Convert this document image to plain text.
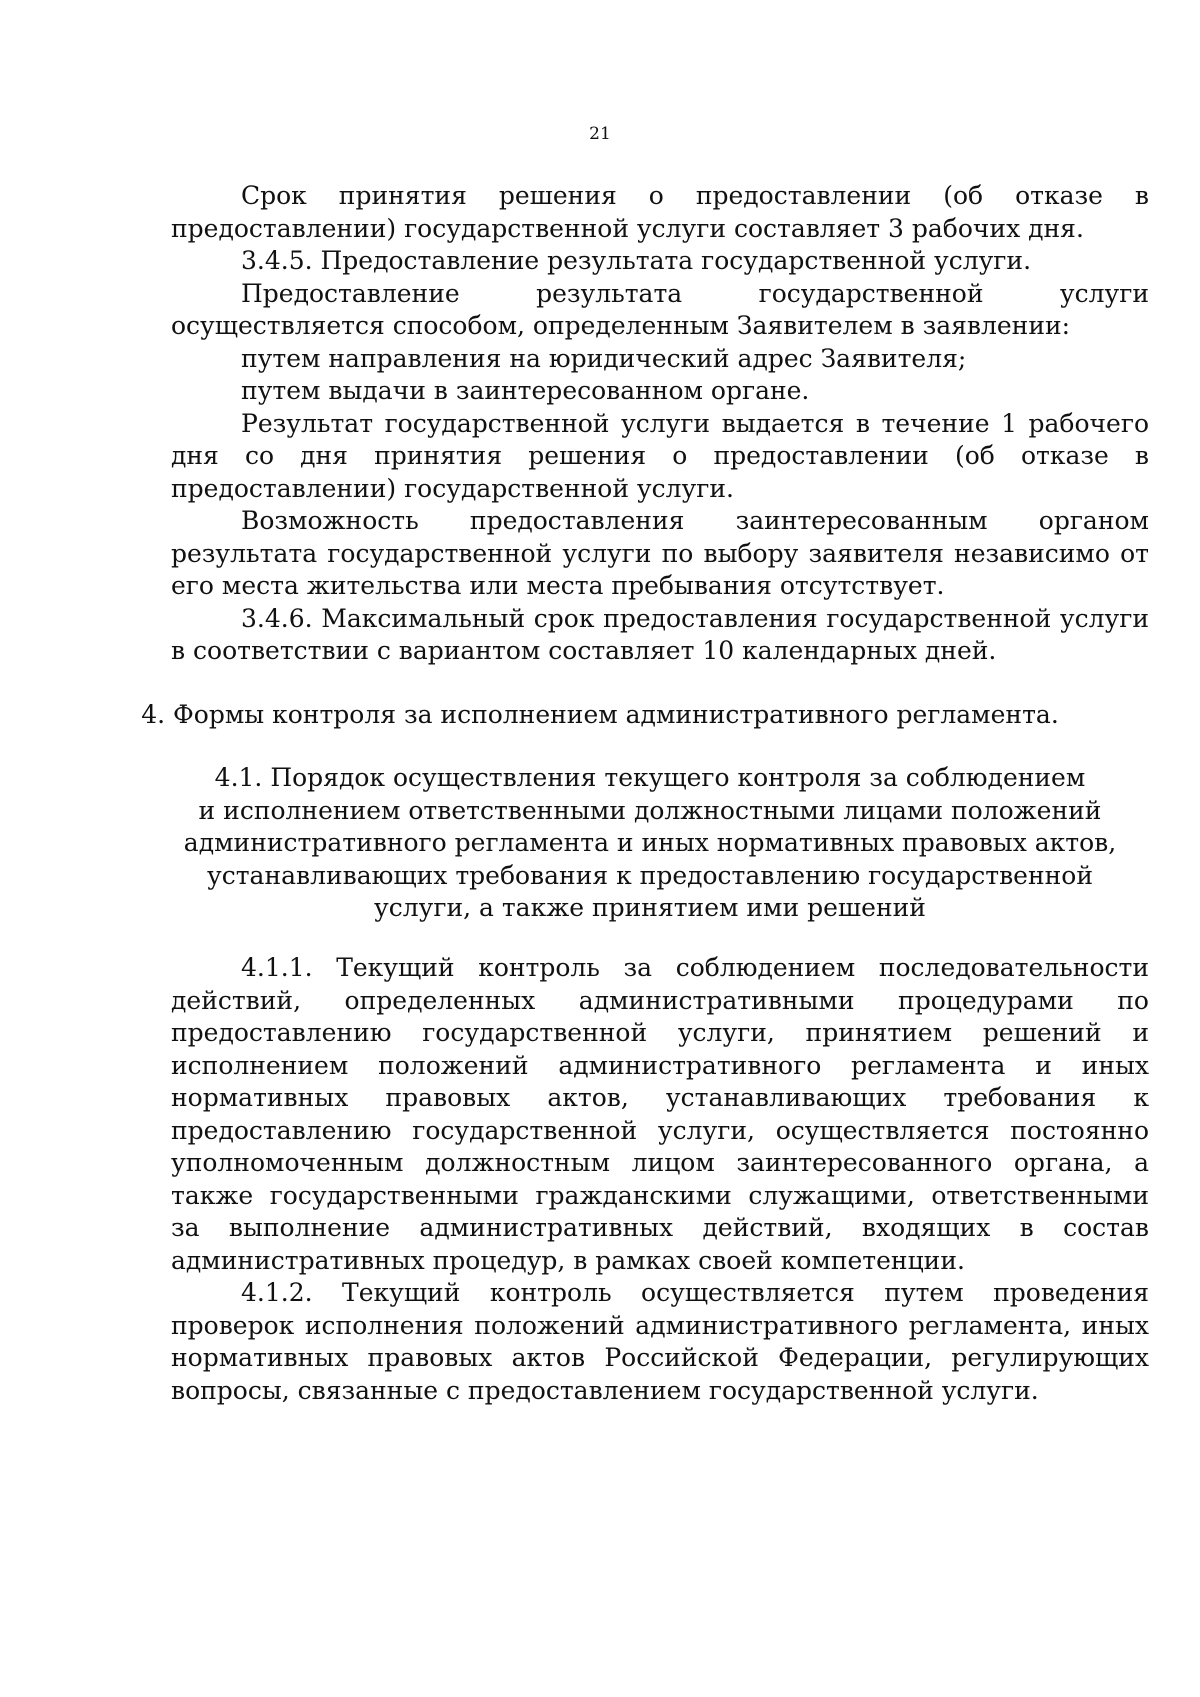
21

Срок принятия решения о предоставлении (об отказе в предоставлении) государственной услуги составляет 3 рабочих дня.

3.4.5. Предоставление результата государственной услуги.

Предоставление результата государственной услуги осуществляется способом, определенным Заявителем в заявлении:

путем направления на юридический адрес Заявителя;

путем выдачи в заинтересованном органе.

Результат государственной услуги выдается в течение 1 рабочего дня со дня принятия решения о предоставлении (об отказе в предоставлении) государственной услуги.

Возможность предоставления заинтересованным органом результата государственной услуги по выбору заявителя независимо от его места жительства или места пребывания отсутствует.

3.4.6. Максимальный срок предоставления государственной услуги в соответствии с вариантом составляет 10 календарных дней.

4. Формы контроля за исполнением административного регламента.

4.1. Порядок осуществления текущего контроля за соблюдением
и исполнением ответственными должностными лицами положений
административного регламента и иных нормативных правовых актов,
устанавливающих требования к предоставлению государственной
услуги, а также принятием ими решений

4.1.1. Текущий контроль за соблюдением последовательности действий, определенных административными процедурами по предоставлению государственной услуги, принятием решений и исполнением положений административного регламента и иных нормативных правовых актов, устанавливающих требования к предоставлению государственной услуги, осуществляется постоянно уполномоченным должностным лицом заинтересованного органа, а также государственными гражданскими служащими, ответственными за выполнение административных действий, входящих в состав административных процедур, в рамках своей компетенции.

4.1.2. Текущий контроль осуществляется путем проведения проверок исполнения положений административного регламента, иных нормативных правовых актов Российской Федерации, регулирующих вопросы, связанные с предоставлением государственной услуги.
